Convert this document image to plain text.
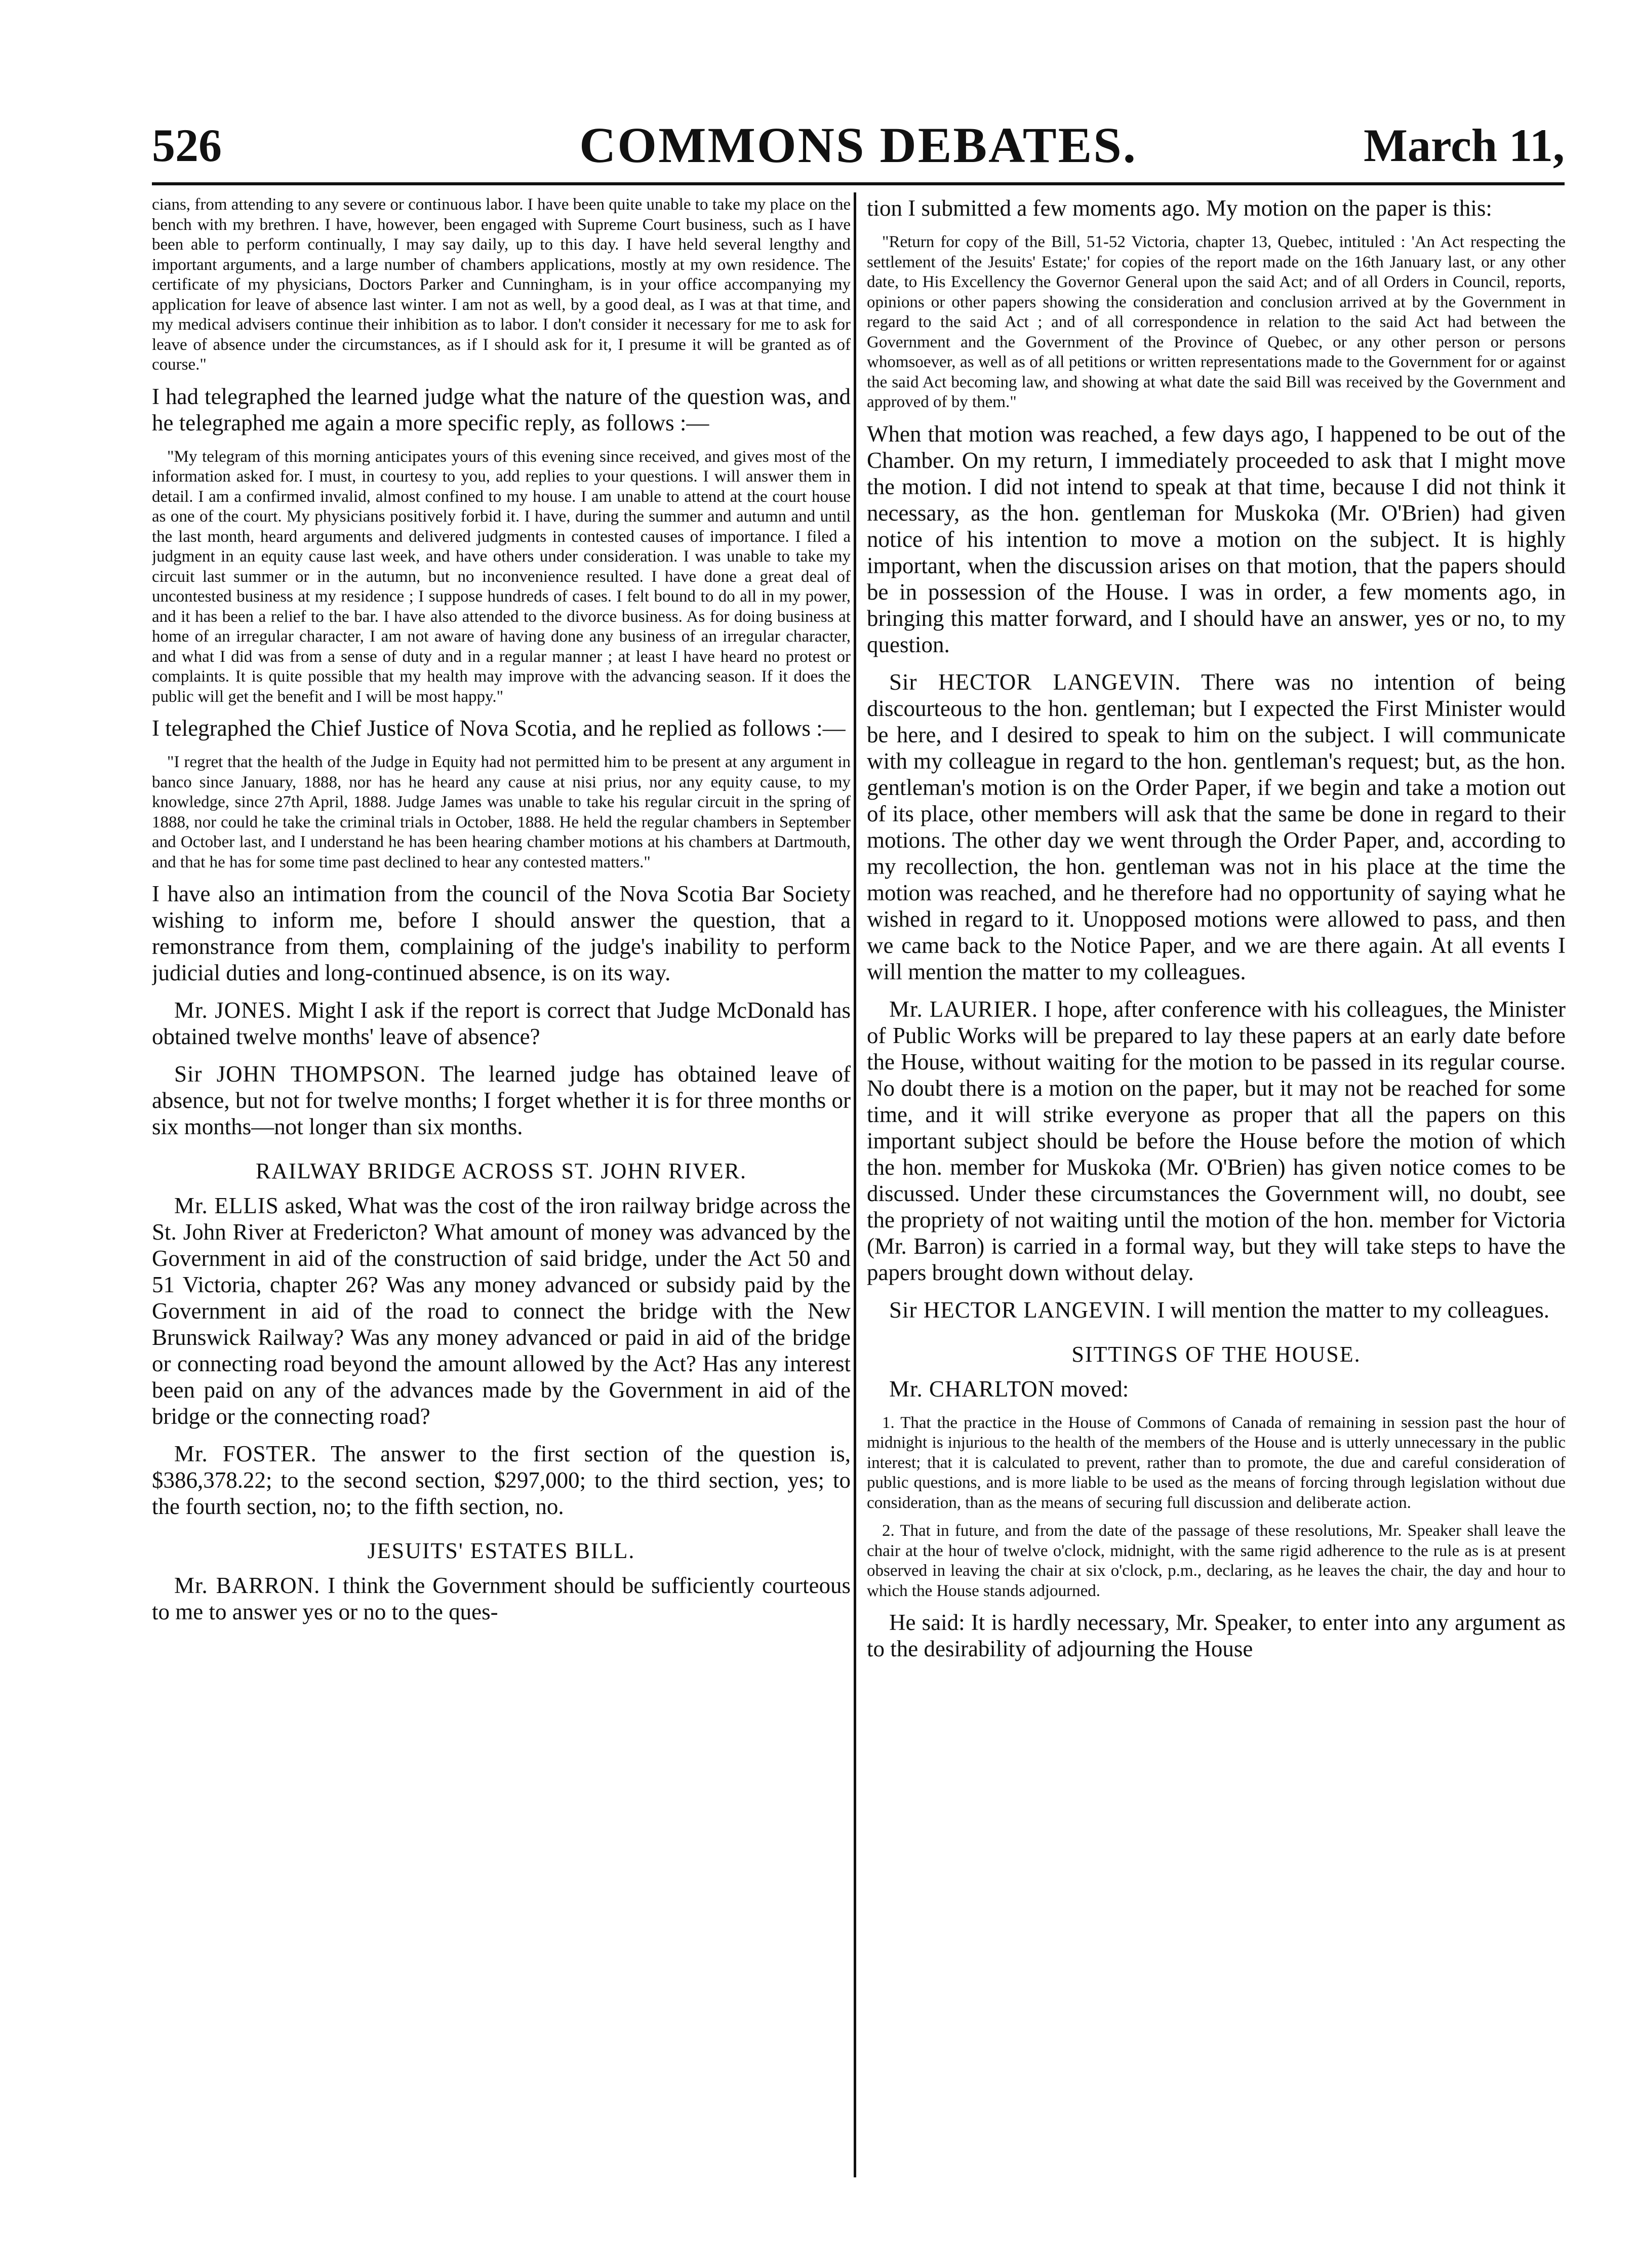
COMMONS DEBATES.
526	March 11,

cians, from attending to any severe or continuous labor. I have been quite unable to take my place on the bench with my brethren. I have, however, been engaged with Supreme Court business, such as I have been able to perform continually, I may say daily, up to this day. I have held several lengthy and important arguments, and a large number of chambers applications, mostly at my own residence. The certificate of my physicians, Doctors Parker and Cunningham, is in your office accompanying my application for leave of absence last winter. I am not as well, by a good deal, as I was at that time, and my medical advisers continue their inhibition as to labor. I don't consider it necessary for me to ask for leave of absence under the circumstances, as if I should ask for it, I presume it will be granted as of course."

I had telegraphed the learned judge what the nature of the question was, and he telegraphed me again a more specific reply, as follows :—

"My telegram of this morning anticipates yours of this evening since received, and gives most of the information asked for. I must, in courtesy to you, add replies to your questions. I will answer them in detail. I am a confirmed invalid, almost confined to my house. I am unable to attend at the court house as one of the court. My physicians positively forbid it. I have, during the summer and autumn and until the last month, heard arguments and delivered judgments in contested causes of importance. I filed a judgment in an equity cause last week, and have others under consideration. I was unable to take my circuit last summer or in the autumn, but no inconvenience resulted. I have done a great deal of uncontested business at my residence ; I suppose hundreds of cases. I felt bound to do all in my power, and it has been a relief to the bar. I have also attended to the divorce business. As for doing business at home of an irregular character, I am not aware of having done any business of an irregular character, and what I did was from a sense of duty and in a regular manner ; at least I have heard no protest or complaints. It is quite possible that my health may improve with the advancing season. If it does the public will get the benefit and I will be most happy."

I telegraphed the Chief Justice of Nova Scotia, and he replied as follows :—

"I regret that the health of the Judge in Equity had not permitted him to be present at any argument in banco since January, 1888, nor has he heard any cause at nisi prius, nor any equity cause, to my knowledge, since 27th April, 1888. Judge James was unable to take his regular circuit in the spring of 1888, nor could he take the criminal trials in October, 1888. He held the regular chambers in September and October last, and I understand he has been hearing chamber motions at his chambers at Dartmouth, and that he has for some time past declined to hear any contested matters."

I have also an intimation from the council of the Nova Scotia Bar Society wishing to inform me, before I should answer the question, that a remonstrance from them, complaining of the judge's inability to perform judicial duties and long-continued absence, is on its way.

Mr. JONES. Might I ask if the report is correct that Judge McDonald has obtained twelve months' leave of absence?

Sir JOHN THOMPSON. The learned judge has obtained leave of absence, but not for twelve months; I forget whether it is for three months or six months—not longer than six months.

RAILWAY BRIDGE ACROSS ST. JOHN RIVER.

Mr. ELLIS asked, What was the cost of the iron railway bridge across the St. John River at Fredericton? What amount of money was advanced by the Government in aid of the construction of said bridge, under the Act 50 and 51 Victoria, chapter 26? Was any money advanced or subsidy paid by the Government in aid of the road to connect the bridge with the New Brunswick Railway? Was any money advanced or paid in aid of the bridge or connecting road beyond the amount allowed by the Act? Has any interest been paid on any of the advances made by the Government in aid of the bridge or the connecting road?

Mr. FOSTER. The answer to the first section of the question is, $386,378.22; to the second section, $297,000; to the third section, yes; to the fourth section, no; to the fifth section, no.

JESUITS' ESTATES BILL.

Mr. BARRON. I think the Government should be sufficiently courteous to me to answer yes or no to the ques-

tion I submitted a few moments ago. My motion on the paper is this:

"Return for copy of the Bill, 51-52 Victoria, chapter 13, Quebec, intituled : 'An Act respecting the settlement of the Jesuits' Estate;' for copies of the report made on the 16th January last, or any other date, to His Excellency the Governor General upon the said Act; and of all Orders in Council, reports, opinions or other papers showing the consideration and conclusion arrived at by the Government in regard to the said Act ; and of all correspondence in relation to the said Act had between the Government and the Government of the Province of Quebec, or any other person or persons whomsoever, as well as of all petitions or written representations made to the Government for or against the said Act becoming law, and showing at what date the said Bill was received by the Government and approved of by them."

When that motion was reached, a few days ago, I happened to be out of the Chamber. On my return, I immediately proceeded to ask that I might move the motion. I did not intend to speak at that time, because I did not think it necessary, as the hon. gentleman for Muskoka (Mr. O'Brien) had given notice of his intention to move a motion on the subject. It is highly important, when the discussion arises on that motion, that the papers should be in possession of the House. I was in order, a few moments ago, in bringing this matter forward, and I should have an answer, yes or no, to my question.

Sir HECTOR LANGEVIN. There was no intention of being discourteous to the hon. gentleman; but I expected the First Minister would be here, and I desired to speak to him on the subject. I will communicate with my colleague in regard to the hon. gentleman's request; but, as the hon. gentleman's motion is on the Order Paper, if we begin and take a motion out of its place, other members will ask that the same be done in regard to their motions. The other day we went through the Order Paper, and, according to my recollection, the hon. gentleman was not in his place at the time the motion was reached, and he therefore had no opportunity of saying what he wished in regard to it. Unopposed motions were allowed to pass, and then we came back to the Notice Paper, and we are there again. At all events I will mention the matter to my colleagues.

Mr. LAURIER. I hope, after conference with his colleagues, the Minister of Public Works will be prepared to lay these papers at an early date before the House, without waiting for the motion to be passed in its regular course. No doubt there is a motion on the paper, but it may not be reached for some time, and it will strike everyone as proper that all the papers on this important subject should be before the House before the motion of which the hon. member for Muskoka (Mr. O'Brien) has given notice comes to be discussed. Under these circumstances the Government will, no doubt, see the propriety of not waiting until the motion of the hon. member for Victoria (Mr. Barron) is carried in a formal way, but they will take steps to have the papers brought down without delay.

Sir HECTOR LANGEVIN. I will mention the matter to my colleagues.

SITTINGS OF THE HOUSE.

Mr. CHARLTON moved:

1. That the practice in the House of Commons of Canada of remaining in session past the hour of midnight is injurious to the health of the members of the House and is utterly unnecessary in the public interest; that it is calculated to prevent, rather than to promote, the due and careful consideration of public questions, and is more liable to be used as the means of forcing through legislation without due consideration, than as the means of securing full discussion and deliberate action.

2. That in future, and from the date of the passage of these resolutions, Mr. Speaker shall leave the chair at the hour of twelve o'clock, midnight, with the same rigid adherence to the rule as is at present observed in leaving the chair at six o'clock, p.m., declaring, as he leaves the chair, the day and hour to which the House stands adjourned.

He said: It is hardly necessary, Mr. Speaker, to enter into any argument as to the desirability of adjourning the House
